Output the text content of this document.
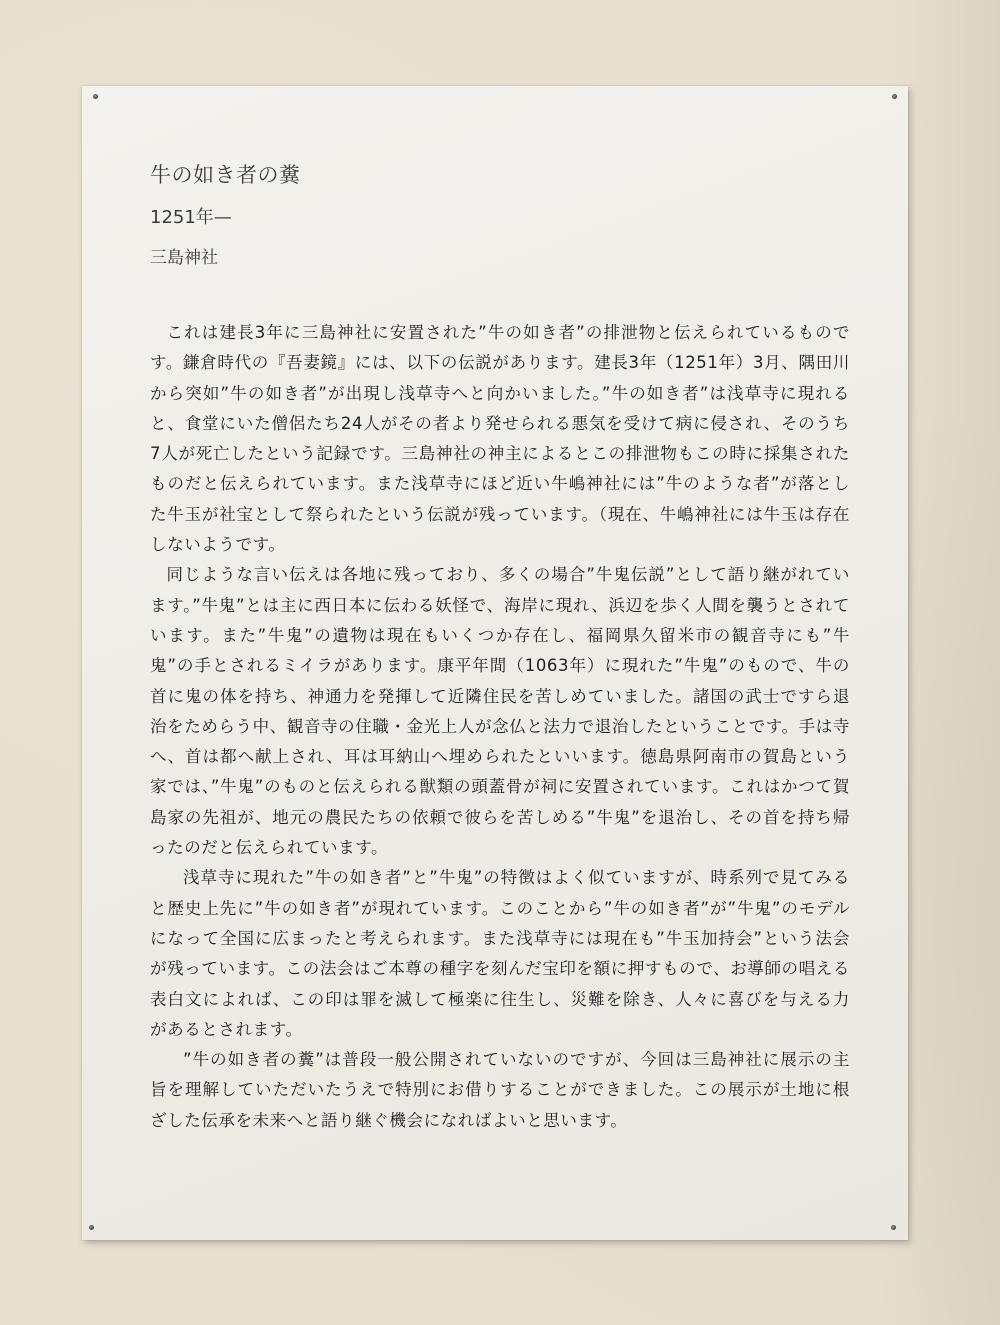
牛の如き者の糞
1251年—
三島神社

これは建長3年に三島神社に安置された”牛の如き者”の排泄物と伝えられているものです。鎌倉時代の『吾妻鏡』には、以下の伝説があります。建長3年（1251年）3月、隅田川から突如”牛の如き者”が出現し浅草寺へと向かいました。”牛の如き者”は浅草寺に現れると、食堂にいた僧侶たち24人がその者より発せられる悪気を受けて病に侵され、そのうち7人が死亡したという記録です。三島神社の神主によるとこの排泄物もこの時に採集されたものだと伝えられています。また浅草寺にほど近い牛嶋神社には”牛のような者”が落とした牛玉が社宝として祭られたという伝説が残っています。（現在、牛嶋神社には牛玉は存在しないようです。

同じような言い伝えは各地に残っており、多くの場合”牛鬼伝説”として語り継がれています。”牛鬼”とは主に西日本に伝わる妖怪で、海岸に現れ、浜辺を歩く人間を襲うとされています。また”牛鬼”の遺物は現在もいくつか存在し、福岡県久留米市の観音寺にも”牛鬼”の手とされるミイラがあります。康平年間（1063年）に現れた”牛鬼”のもので、牛の首に鬼の体を持ち、神通力を発揮して近隣住民を苦しめていました。諸国の武士ですら退治をためらう中、観音寺の住職・金光上人が念仏と法力で退治したということです。手は寺へ、首は都へ献上され、耳は耳納山へ埋められたといいます。徳島県阿南市の賀島という家では、”牛鬼”のものと伝えられる獣類の頭蓋骨が祠に安置されています。これはかつて賀島家の先祖が、地元の農民たちの依頼で彼らを苦しめる”牛鬼”を退治し、その首を持ち帰ったのだと伝えられています。

浅草寺に現れた”牛の如き者”と”牛鬼”の特徴はよく似ていますが、時系列で見てみると歴史上先に”牛の如き者”が現れています。このことから”牛の如き者”が”牛鬼”のモデルになって全国に広まったと考えられます。また浅草寺には現在も”牛玉加持会”という法会が残っています。この法会はご本尊の種字を刻んだ宝印を額に押すもので、お導師の唱える表白文によれば、この印は罪を滅して極楽に往生し、災難を除き、人々に喜びを与える力があるとされます。

”牛の如き者の糞”は普段一般公開されていないのですが、今回は三島神社に展示の主旨を理解していただいたうえで特別にお借りすることができました。この展示が土地に根ざした伝承を未来へと語り継ぐ機会になればよいと思います。
